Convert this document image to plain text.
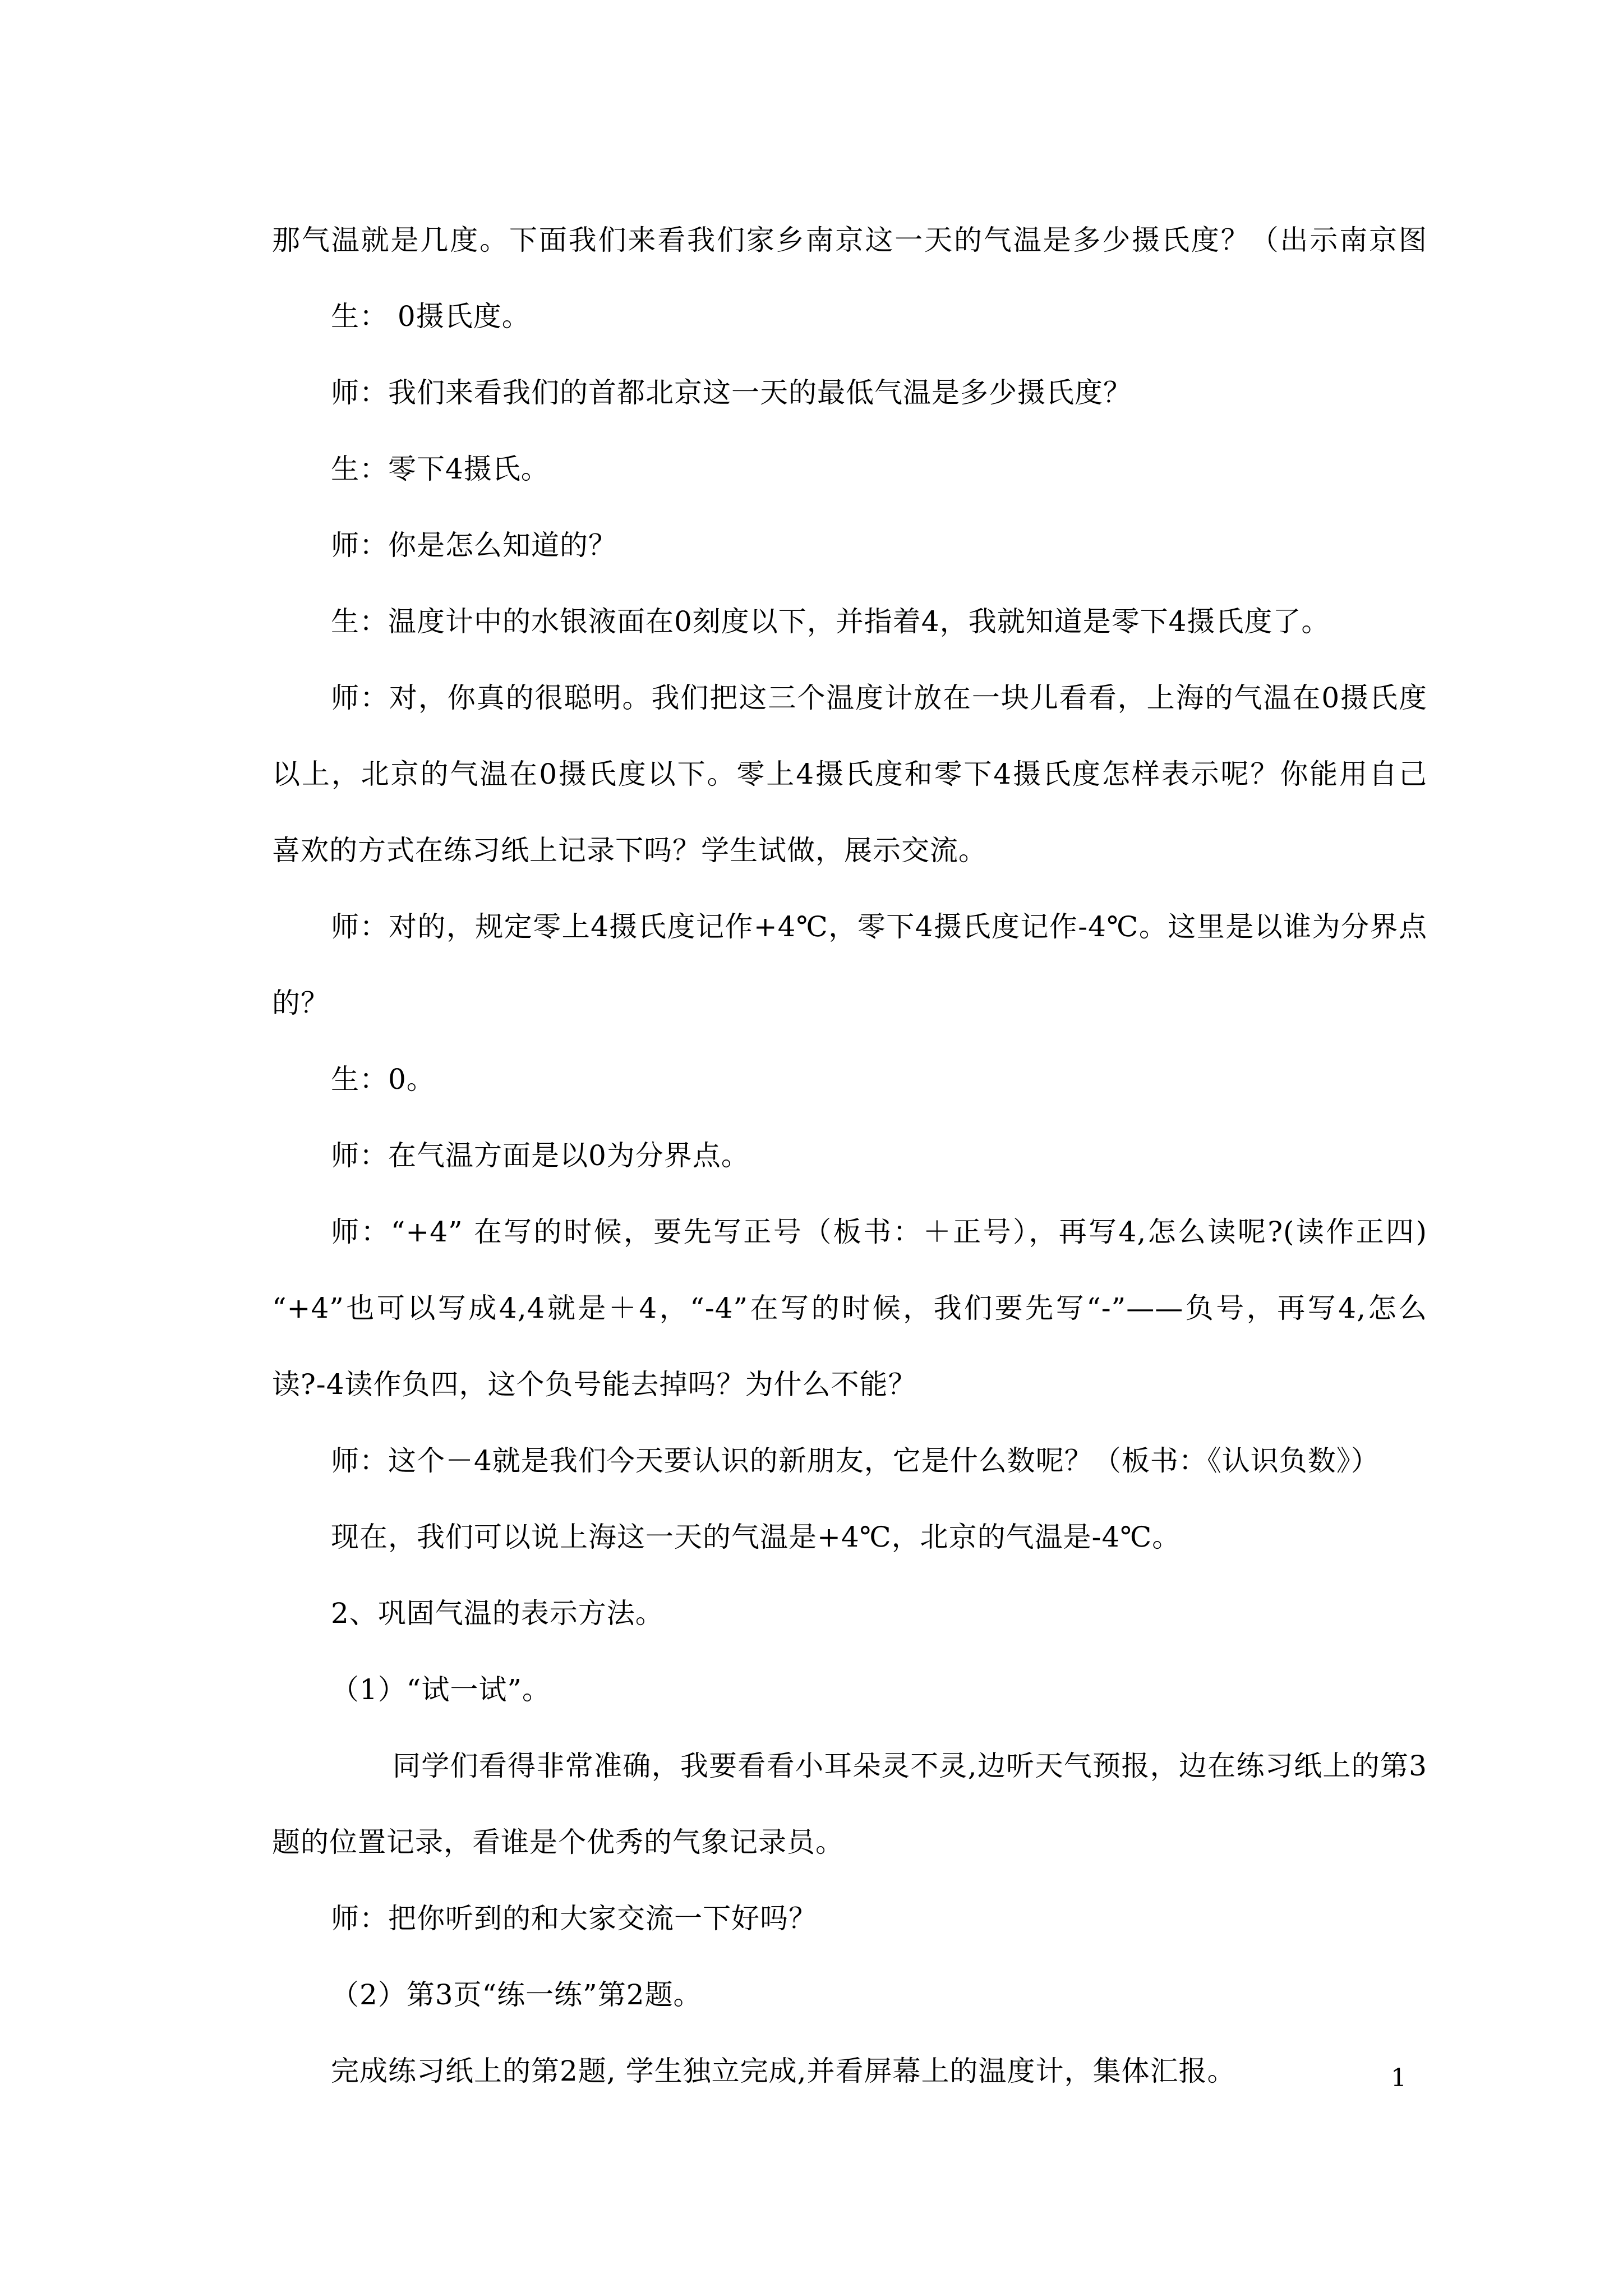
那气温就是几度。下面我们来看我们家乡南京这一天的气温是多少摄氏度？（出示南京图
生： 0摄氏度。
师：我们来看我们的首都北京这一天的最低气温是多少摄氏度？
生：零下4摄氏。
师：你是怎么知道的？
生：温度计中的水银液面在0刻度以下，并指着4，我就知道是零下4摄氏度了。
师：对，你真的很聪明。我们把这三个温度计放在一块儿看看，上海的气温在0摄氏度
以上，北京的气温在0摄氏度以下。零上4摄氏度和零下4摄氏度怎样表示呢？你能用自己
喜欢的方式在练习纸上记录下吗？学生试做，展示交流。
师：对的，规定零上4摄氏度记作+4℃，零下4摄氏度记作-4℃。这里是以谁为分界点
的？
生：0。
师：在气温方面是以0为分界点。
师：“+4” 在写的时候，要先写正号（板书：＋正号），再写4,怎么读呢?(读作正四)
“+4”也可以写成4,4就是＋4，“-4”在写的时候，我们要先写“-”——负号，再写4,怎么
读?-4读作负四，这个负号能去掉吗？为什么不能？
师：这个－4就是我们今天要认识的新朋友，它是什么数呢？（板书：《认识负数》）
现在，我们可以说上海这一天的气温是+4℃，北京的气温是-4℃。
2、巩固气温的表示方法。
（1）“试一试”。
同学们看得非常准确，我要看看小耳朵灵不灵,边听天气预报，边在练习纸上的第3
题的位置记录，看谁是个优秀的气象记录员。
师：把你听到的和大家交流一下好吗？
（2）第3页“练一练”第2题。
完成练习纸上的第2题, 学生独立完成,并看屏幕上的温度计，集体汇报。	1
